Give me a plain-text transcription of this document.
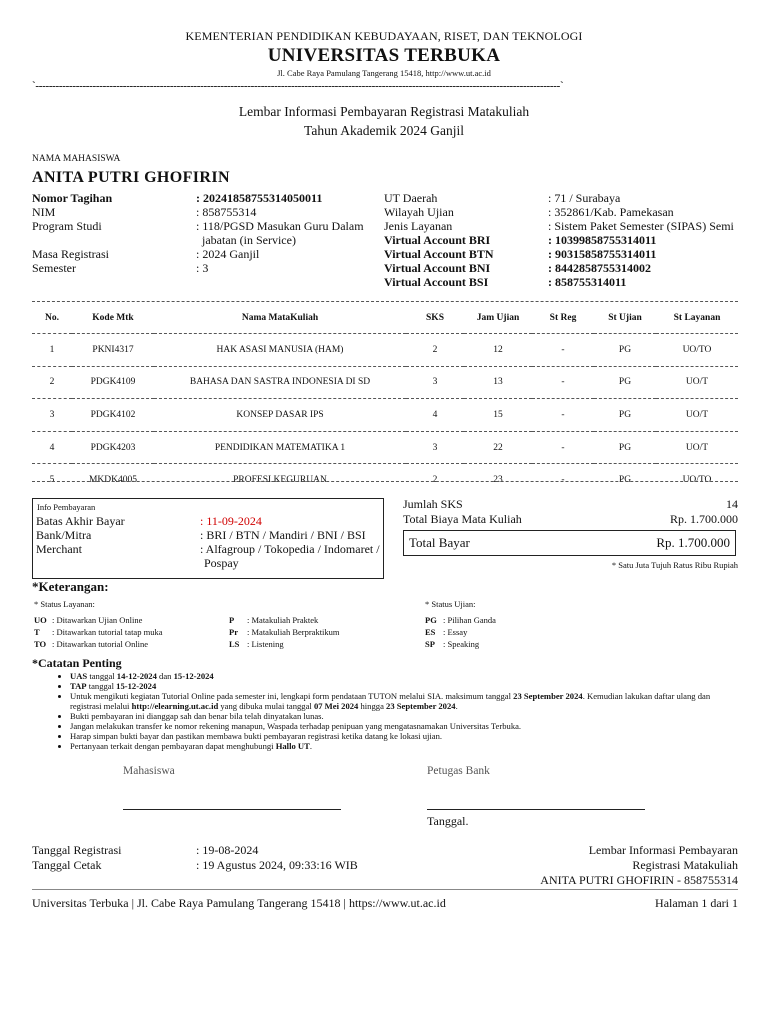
KEMENTERIAN PENDIDIKAN KEBUDAYAAN, RISET, DAN TEKNOLOGI
UNIVERSITAS TERBUKA
Jl. Cabe Raya Pamulang Tangerang 15418, http://www.ut.ac.id
`------------------------------------------------------------------------------------------------------------------------------------------------------------`
Lembar Informasi Pembayaran Registrasi Matakuliah
Tahun Akademik 2024 Ganjil
NAMA MAHASISWA
ANITA PUTRI GHOFIRIN
Nomor Tagihan	: 202418587553140500​11
NIM	: 858755314
Program Studi	: 118/PGSD Masukan Guru Dalam
jabatan (in Service)
Masa Registrasi	: 2024 Ganjil
Semester	: 3
UT Daerah	: 71 / Surabaya
Wilayah Ujian	: 352861/Kab. Pamekasan
Jenis Layanan	: Sistem Paket Semester (SIPAS) Semi
Virtual Account BRI	: 10399858755314011
Virtual Account BTN	: 90315858755314011
Virtual Account BNI	: 8442858755314002
Virtual Account BSI	: 858755314011
No.	Kode Mtk	Nama MataKuliah	SKS	Jam Ujian	St Reg	St Ujian	St Layanan
1	PKNI4317	HAK ASASI MANUSIA (HAM)	2	12	-	PG	UO/TO
2	PDGK4109	BAHASA DAN SASTRA INDONESIA DI SD	3	13	-	PG	UO/T
3	PDGK4102	KONSEP DASAR IPS	4	15	-	PG	UO/T
4	PDGK4203	PENDIDIKAN MATEMATIKA 1	3	22	-	PG	UO/T
5	MKDK4005	PROFESI KEGURUAN	2	23	-	PG	UO/TO
Info Pembayaran
Batas Akhir Bayar	: 11-09-2024
Bank/Mitra	: BRI / BTN / Mandiri / BNI / BSI
Merchant	: Alfagroup / Tokopedia / Indomaret /
Pospay
Jumlah SKS	14
Total Biaya Mata Kuliah	Rp. 1.700.000
Total Bayar	Rp. 1.700.000
* Satu Juta Tujuh Ratus Ribu Rupiah
*Keterangan:
* Status Layanan:	* Status Ujian:
UO : Ditawarkan Ujian Online
T : Ditawarkan tutorial tatap muka
TO : Ditawarkan tutorial Online
P : Matakuliah Praktek
Pr : Matakuliah Berpraktikum
LS : Listening
PG : Pilihan Ganda
ES : Essay
SP : Speaking
*Catatan Penting
• UAS tanggal 14-12-2024 dan 15-12-2024
• TAP tanggal 15-12-2024
• Untuk mengikuti kegiatan Tutorial Online pada semester ini, lengkapi form pendataan TUTON melalui SIA. maksimum tanggal 23 September 2024. Kemudian lakukan daftar ulang dan registrasi melalui http://elearning.ut.ac.id yang dibuka mulai tanggal 07 Mei 2024 hingga 23 September 2024.
• Bukti pembayaran ini dianggap sah dan benar bila telah dinyatakan lunas.
• Jangan melakukan transfer ke nomor rekening manapun, Waspada terhadap penipuan yang mengatasnamakan Universitas Terbuka.
• Harap simpan bukti bayar dan pastikan membawa bukti pembayaran registrasi ketika datang ke lokasi ujian.
• Pertanyaan terkait dengan pembayaran dapat menghubungi Hallo UT.
Mahasiswa	Petugas Bank
Tanggal.
Tanggal Registrasi	: 19-08-2024
Tanggal Cetak	: 19 Agustus 2024, 09:33:16 WIB
Lembar Informasi Pembayaran
Registrasi Matakuliah
ANITA PUTRI GHOFIRIN - 858755314
Universitas Terbuka | Jl. Cabe Raya Pamulang Tangerang 15418 | https://www.ut.ac.id	Halaman 1 dari 1
